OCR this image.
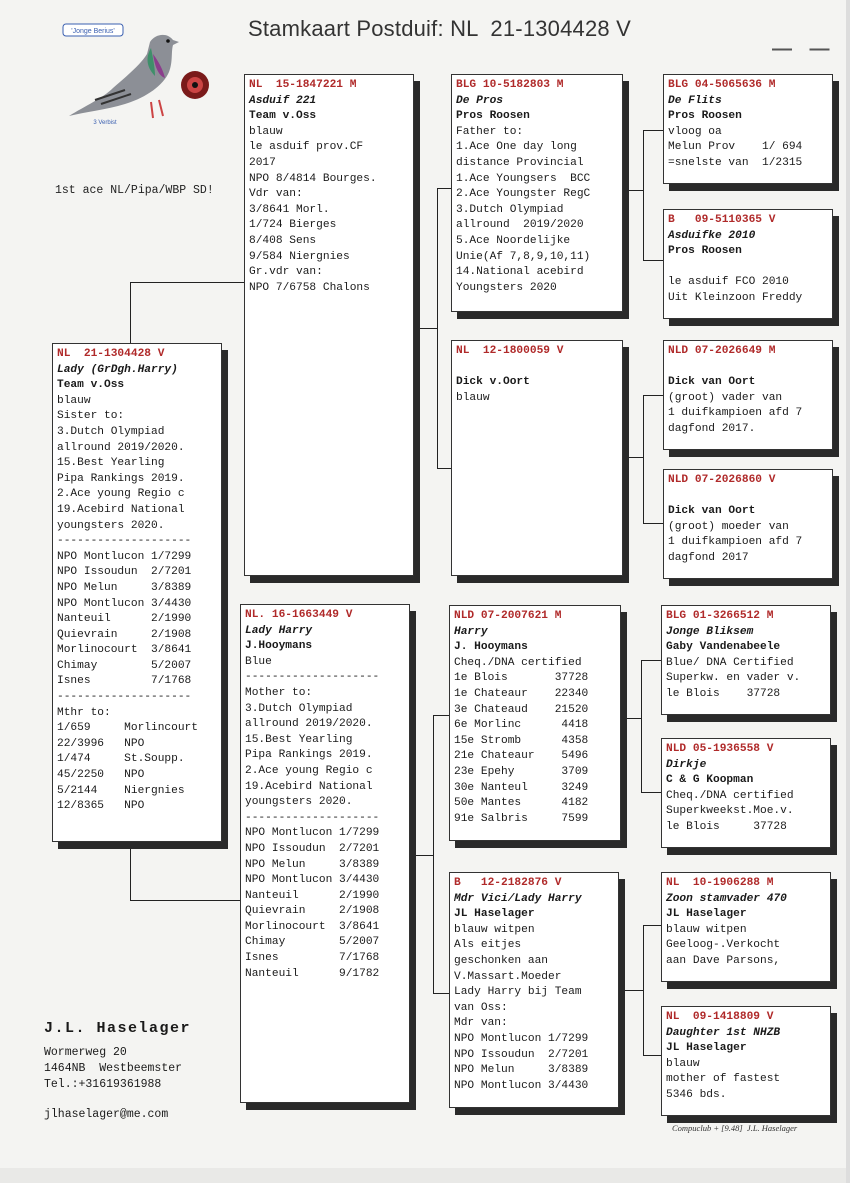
Stamkaart Postduif: NL  21-1304428 V
— —
'Jonge Berius'
3 Verbist
1st ace NL/Pipa/WBP SD!
NL  21-1304428 V
Lady (GrDgh.Harry)
Team v.Oss
blauw
Sister to:
3.Dutch Olympiad
allround 2019/2020.
15.Best Yearling
Pipa Rankings 2019.
2.Ace young Regio c
19.Acebird National
youngsters 2020.
--------------------
NPO Montlucon 1/7299
NPO Issoudun  2/7201
NPO Melun     3/8389
NPO Montlucon 3/4430
Nanteuil      2/1990
Quievrain     2/1908
Morlinocourt  3/8641
Chimay        5/2007
Isnes         7/1768
--------------------
Mthr to:
1/659     Morlincourt
22/3996   NPO
1/474     St.Soupp.
45/2250   NPO
5/2144    Niergnies
12/8365   NPO
NL  15-1847221 M
Asduif 221
Team v.Oss
blauw
le asduif prov.CF
2017
NPO 8/4814 Bourges.
Vdr van:
3/8641 Morl.
1/724 Bierges
8/408 Sens
9/584 Niergnies
Gr.vdr van:
NPO 7/6758 Chalons
NL. 16-1663449 V
Lady Harry
J.Hooymans
Blue
--------------------
Mother to:
3.Dutch Olympiad
allround 2019/2020.
15.Best Yearling
Pipa Rankings 2019.
2.Ace young Regio c
19.Acebird National
youngsters 2020.
--------------------
NPO Montlucon 1/7299
NPO Issoudun  2/7201
NPO Melun     3/8389
NPO Montlucon 3/4430
Nanteuil      2/1990
Quievrain     2/1908
Morlinocourt  3/8641
Chimay        5/2007
Isnes         7/1768
Nanteuil      9/1782
BLG 10-5182803 M
De Pros
Pros Roosen
Father to:
1.Ace One day long
distance Provincial
1.Ace Youngsers  BCC
2.Ace Youngster RegC
3.Dutch Olympiad
allround  2019/2020
5.Ace Noordelijke
Unie(Af 7,8,9,10,11)
14.National acebird
Youngsters 2020
NL  12-1800059 V

Dick v.Oort
blauw
NLD 07-2007621 M
Harry
J. Hooymans
Cheq./DNA certified
1e Blois       37728
1e Chateaur    22340
3e Chateaud    21520
6e Morlinc      4418
15e Stromb      4358
21e Chateaur    5496
23e Epehy       3709
30e Nanteul     3249
50e Mantes      4182
91e Salbris     7599
B   12-2182876 V
Mdr Vici/Lady Harry
JL Haselager
blauw witpen
Als eitjes
geschonken aan
V.Massart.Moeder
Lady Harry bij Team
van Oss:
Mdr van:
NPO Montlucon 1/7299
NPO Issoudun  2/7201
NPO Melun     3/8389
NPO Montlucon 3/4430
BLG 04-5065636 M
De Flits
Pros Roosen
vloog oa
Melun Prov    1/ 694
=snelste van  1/2315
B   09-5110365 V
Asduifke 2010
Pros Roosen

le asduif FCO 2010
Uit Kleinzoon Freddy
NLD 07-2026649 M

Dick van Oort
(groot) vader van
1 duifkampioen afd 7
dagfond 2017.
NLD 07-2026860 V

Dick van Oort
(groot) moeder van
1 duifkampioen afd 7
dagfond 2017
BLG 01-3266512 M
Jonge Bliksem
Gaby Vandenabeele
Blue/ DNA Certified
Superkw. en vader v.
le Blois    37728
NLD 05-1936558 V
Dirkje
C & G Koopman
Cheq./DNA certified
Superkweekst.Moe.v.
le Blois     37728
NL  10-1906288 M
Zoon stamvader 470
JL Haselager
blauw witpen
Geeloog-.Verkocht
aan Dave Parsons,
NL  09-1418809 V
Daughter 1st NHZB
JL Haselager
blauw
mother of fastest
5346 bds.
J.L. Haselager
Wormerweg 20
1464NB  Westbeemster
Tel.:+31619361988
jlhaselager@me.com
Compuclub + [9.48]  J.L. Haselager
